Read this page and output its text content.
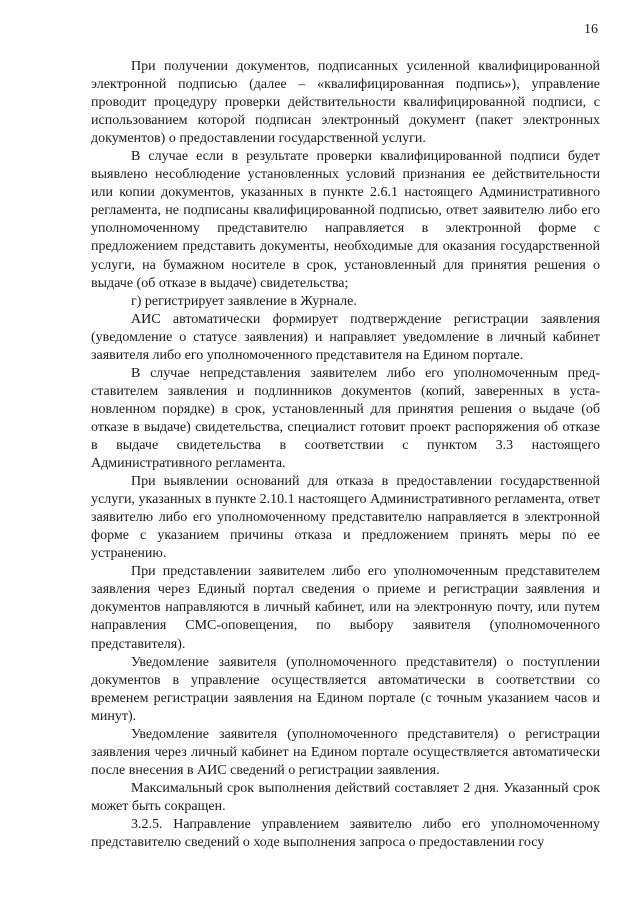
16

При получении документов, подписанных усиленной квалифицированной электронной подписью (далее – «квалифицированная подпись»), управление проводит процедуру проверки действительности квалифицированной подписи, с использованием которой подписан электронный документ (пакет электронных документов) о предоставлении государственной услуги.

В случае если в результате проверки квалифицированной подписи будет выявлено несоблюдение установленных условий признания ее действительности или копии документов, указанных в пункте 2.6.1 настоящего Административного регламента, не подписаны квалифицированной подписью, ответ заявителю либо его уполномоченному представителю направляется в электронной форме с предложением представить документы, необходимые для оказания государственной услуги, на бумажном носителе в срок, установленный для принятия решения о выдаче (об отказе в выдаче) свидетельства;

г) регистрирует заявление в Журнале.

АИС автоматически формирует подтверждение регистрации заявления (уведомление о статусе заявления) и направляет уведомление в личный кабинет заявителя либо его уполномоченного представителя на Едином портале.

В случае непредставления заявителем либо его уполномоченным представителем заявления и подлинников документов (копий, заверенных в установленном порядке) в срок, установленный для принятия решения о выдаче (об отказе в выдаче) свидетельства, специалист готовит проект распоряжения об отказе в выдаче свидетельства в соответствии с пунктом 3.3 настоящего Административного регламента.

При выявлении оснований для отказа в предоставлении государственной услуги, указанных в пункте 2.10.1 настоящего Административного регламента, ответ заявителю либо его уполномоченному представителю направляется в электронной форме с указанием причины отказа и предложением принять меры по ее устранению.

При представлении заявителем либо его уполномоченным представителем заявления через Единый портал сведения о приеме и регистрации заявления и документов направляются в личный кабинет, или на электронную почту, или путем направления СМС-оповещения, по выбору заявителя (уполномоченного представителя).

Уведомление заявителя (уполномоченного представителя) о поступлении документов в управление осуществляется автоматически в соответствии со временем регистрации заявления на Едином портале (с точным указанием часов и минут).

Уведомление заявителя (уполномоченного представителя) о регистрации заявления через личный кабинет на Едином портале осуществляется автоматически после внесения в АИС сведений о регистрации заявления.

Максимальный срок выполнения действий составляет 2 дня. Указанный срок может быть сокращен.

3.2.5. Направление управлением заявителю либо его уполномоченному представителю сведений о ходе выполнения запроса о предоставлении госу
